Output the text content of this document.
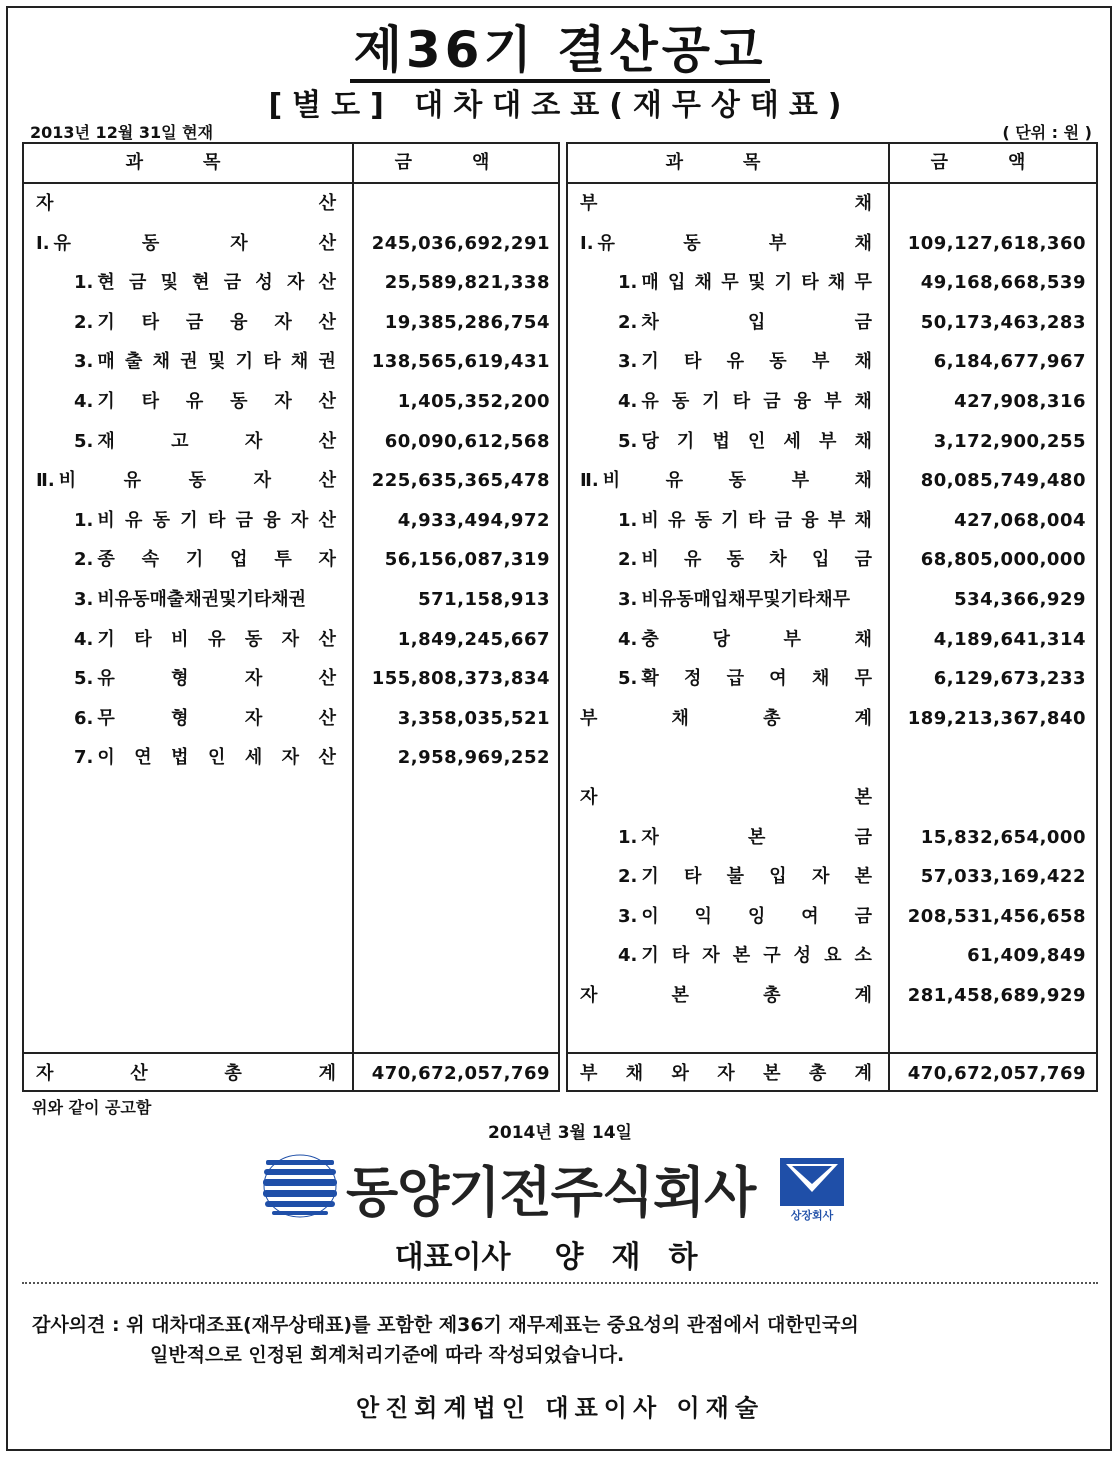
제36기 결산공고
[별도] 대차대조표(재무상태표)
2013년 12월 31일 현재	( 단위 : 원 )
과목	금액
자	산
Ⅰ. 유	동	자	산	245,036,692,291
1. 현 금 및 현 금 성 자 산	25,589,821,338
2. 기 타 금 융 자 산	19,385,286,754
3. 매 출 채 권 및 기 타 채 권	138,565,619,431
4. 기 타 유 동 자 산	1,405,352,200
5. 재	고	자	산	60,090,612,568
Ⅱ. 비	유	동	자	산	225,635,365,478
1. 비 유 동 기 타 금 융 자 산	4,933,494,972
2. 종 속 기 업 투 자	56,156,087,319
3. 비유동매출채권및기타채권	571,158,913
4. 기 타 비 유 동 자 산	1,849,245,667
5. 유	형	자	산	155,808,373,834
6. 무	형	자	산	3,358,035,521
7. 이 연 법 인 세 자 산	2,958,969,252
자	산	총	계	470,672,057,769
과목	금액
부	채
Ⅰ. 유	동	부	채	109,127,618,360
1. 매 입 채 무 및 기 타 채 무	49,168,668,539
2. 차	입	금	50,173,463,283
3. 기 타 유 동 부 채	6,184,677,967
4. 유 동 기 타 금 융 부 채	427,908,316
5. 당 기 법 인 세 부 채	3,172,900,255
Ⅱ. 비	유	동	부	채	80,085,749,480
1. 비 유 동 기 타 금 융 부 채	427,068,004
2. 비 유 동 차 입 금	68,805,000,000
3. 비유동매입채무및기타채무	534,366,929
4. 충	당	부	채	4,189,641,314
5. 확 정 급 여 채 무	6,129,673,233
부	채	총	계	189,213,367,840
자	본
1. 자	본	금	15,832,654,000
2. 기 타 불 입 자 본	57,033,169,422
3. 이 익 잉 여 금	208,531,456,658
4. 기 타 자 본 구 성 요 소	61,409,849
자	본	총	계	281,458,689,929
부 채 와 자 본 총 계	470,672,057,769
위와 같이 공고함
2014년 3월 14일
동양기전주식회사	상장회사
대표이사 양재하
감사의견 : 위 대차대조표(재무상태표)를 포함한 제36기 재무제표는 중요성의 관점에서 대한민국의
일반적으로 인정된 회계처리기준에 따라 작성되었습니다.
안진회계법인 대표이사 이재술
